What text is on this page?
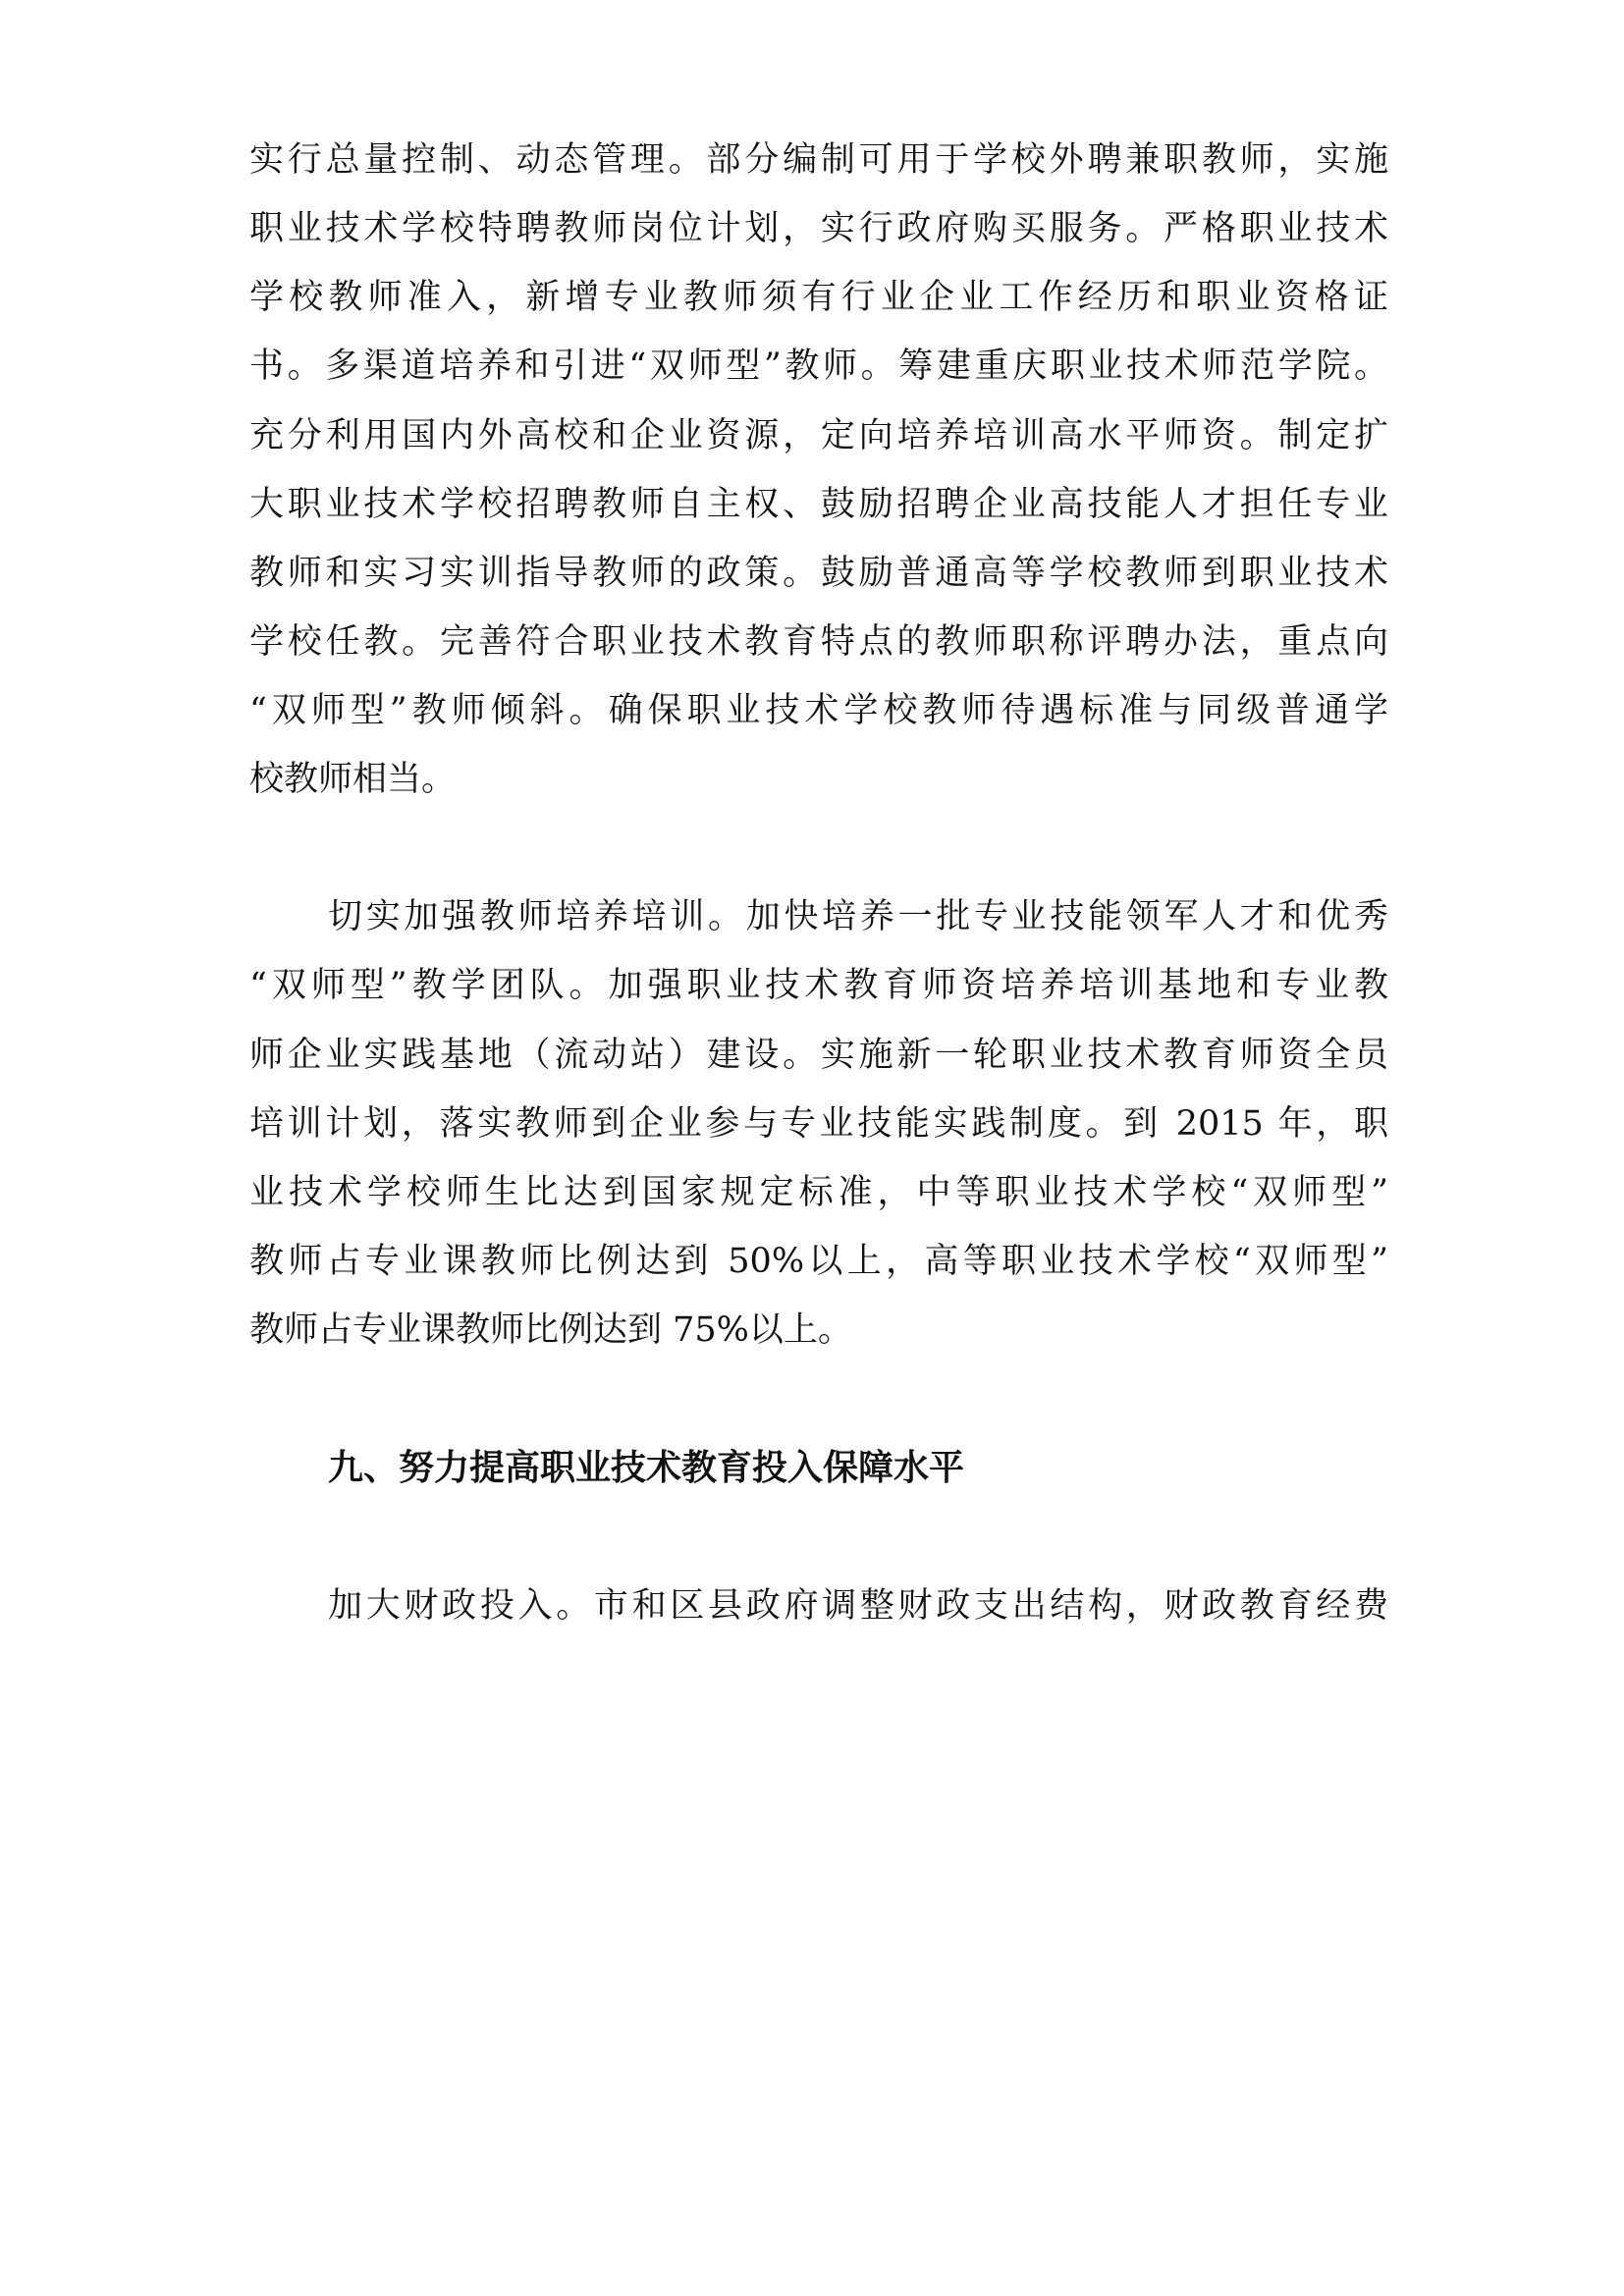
实行总量控制、动态管理。部分编制可用于学校外聘兼职教师，实施
职业技术学校特聘教师岗位计划，实行政府购买服务。严格职业技术
学校教师准入，新增专业教师须有行业企业工作经历和职业资格证
书。多渠道培养和引进“双师型”教师。筹建重庆职业技术师范学院。
充分利用国内外高校和企业资源，定向培养培训高水平师资。制定扩
大职业技术学校招聘教师自主权、鼓励招聘企业高技能人才担任专业
教师和实习实训指导教师的政策。鼓励普通高等学校教师到职业技术
学校任教。完善符合职业技术教育特点的教师职称评聘办法，重点向
“双师型”教师倾斜。确保职业技术学校教师待遇标准与同级普通学
校教师相当。
切实加强教师培养培训。加快培养一批专业技能领军人才和优秀
“双师型”教学团队。加强职业技术教育师资培养培训基地和专业教
师企业实践基地（流动站）建设。实施新一轮职业技术教育师资全员
培训计划，落实教师到企业参与专业技能实践制度。到 2015 年，职
业技术学校师生比达到国家规定标准，中等职业技术学校“双师型”
教师占专业课教师比例达到 50%以上，高等职业技术学校“双师型”
教师占专业课教师比例达到 75%以上。
九、努力提高职业技术教育投入保障水平
加大财政投入。市和区县政府调整财政支出结构，财政教育经费
